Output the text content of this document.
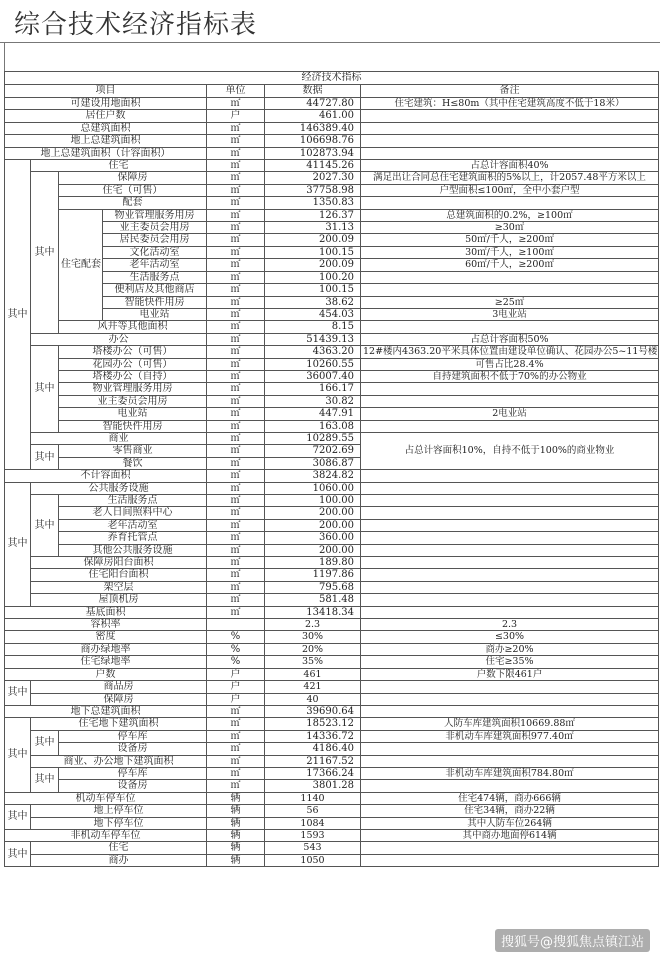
综合技术经济指标表
经济技术指标						
项目				单位	数据	备注
可建设用地面积				㎡	44727.80	住宅建筑：H≤80m（其中住宅建筑高度不低于18米）
居住户数				户	461.00	
总建筑面积				㎡	146389.40	
地上总建筑面积				㎡	106698.76	
地上总建筑面积（计容面积）				㎡	102873.94	
其中	住宅			㎡	41145.26	占总计容面积40%
	其中	保障房		㎡	2027.30	满足出让合同总住宅建筑面积的5%以上，计2057.48平方米以上
		住宅（可售）		㎡	37758.98	户型面积≤100㎡，全中小套户型
		配套		㎡	1350.83	
		住宅配套	物业管理服务用房	㎡	126.37	总建筑面积的0.2%，≥100㎡
			业主委员会用房	㎡	31.13	≥30㎡
			居民委员会用房	㎡	200.09	50㎡/千人，≥200㎡
			文化活动室	㎡	100.15	30㎡/千人，≥100㎡
			老年活动室	㎡	200.09	60㎡/千人，≥200㎡
			生活服务点	㎡	100.20	
			便利店及其他商店	㎡	100.15	
			智能快件用房	㎡	38.62	≥25㎡
			电业站	㎡	454.03	3电业站
		风井等其他面积		㎡	8.15	
	办公			㎡	51439.13	占总计容面积50%
	其中	塔楼办公（可售）		㎡	4363.20	12#楼内4363.20平米具体位置由建设单位确认、花园办公5~11号楼
		花园办公（可售）		㎡	10260.55	可售占比28.4%
		塔楼办公（自持）		㎡	36007.40	自持建筑面积不低于70%的办公物业
		物业管理服务用房		㎡	166.17	
		业主委员会用房		㎡	30.82	
		电业站		㎡	447.91	2电业站
		智能快件用房		㎡	163.08	
	商业			㎡	10289.55	占总计容面积10%，自持不低于100%的商业物业
	其中	零售商业		㎡	7202.69	
		餐饮		㎡	3086.87	
不计容面积				㎡	3824.82	
其中	公共服务设施			㎡	1060.00	
	其中	生活服务点		㎡	100.00	
		老人日间照料中心		㎡	200.00	
		老年活动室		㎡	200.00	
		养育托管点		㎡	360.00	
		其他公共服务设施		㎡	200.00	
	保障房阳台面积			㎡	189.80	
	住宅阳台面积			㎡	1197.86	
	架空层			㎡	795.68	
	屋顶机房			㎡	581.48	
基底面积				㎡	13418.34	
容积率					2.3	2.3
密度				%	30%	≤30%
商办绿地率				%	20%	商办≥20%
住宅绿地率				%	35%	住宅≥35%
户数				户	461	户数下限461户
其中	商品房			户	421	
	保障房			户	40	
地下总建筑面积				㎡	39690.64	
其中	住宅地下建筑面积			㎡	18523.12	人防车库建筑面积10669.88㎡
	其中	停车库		㎡	14336.72	非机动车库建筑面积977.40㎡
		设备房		㎡	4186.40	
	商业、办公地下建筑面积			㎡	21167.52	
	其中	停车库		㎡	17366.24	非机动车库建筑面积784.80㎡
		设备房		㎡	3801.28	
机动车停车位				辆	1140	住宅474辆，商办666辆
其中	地上停车位			辆	56	住宅34辆，商办22辆
	地下停车位			辆	1084	其中人防车位264辆
非机动车停车位				辆	1593	其中商办地面停614辆
其中	住宅			辆	543	
	商办			辆	1050	
搜狐号@搜狐焦点镇江站
